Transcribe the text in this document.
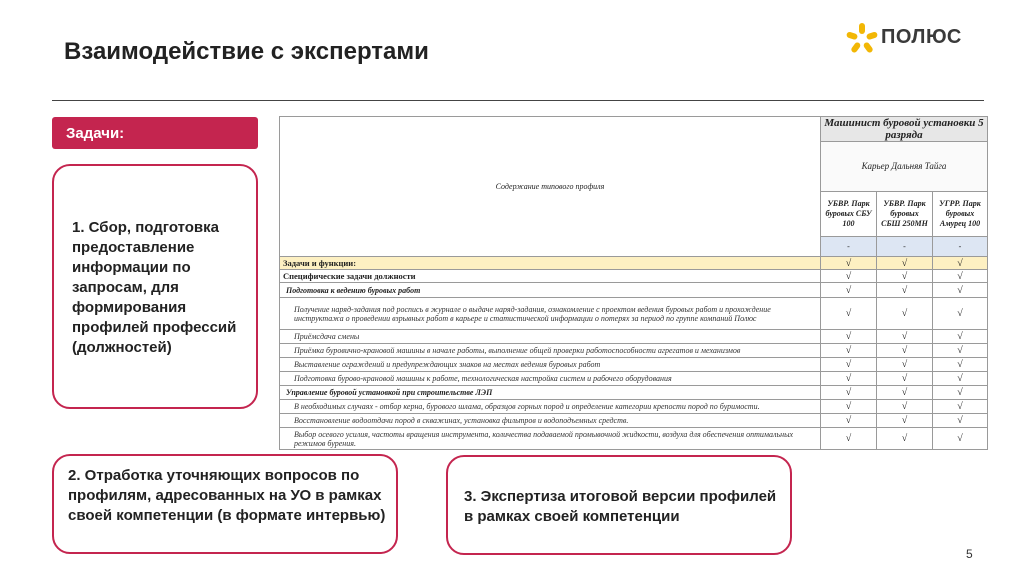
Взаимодействие с экспертами
ПОЛЮС
Задачи:
1. Сбор, подготовка предоставление информации по запросам, для формирования профилей профессий (должностей)
2. Отработка уточняющих вопросов по профилям, адресованных на УО в рамках своей компетенции (в формате интервью)
3. Экспертиза итоговой версии профилей в рамках своей компетенции
Содержание типового профиля	Машинист буровой установки 5 разряда		
	Карьер Дальняя Тайга		
	УБВР. Парк буровых СБУ 100	УБВР. Парк буровых СБШ 250МН	УГРР. Парк буровых Амурец 100
	-	-	-
Задачи и функции:	√	√	√
Специфические задачи должности	√	√	√
Подготовка к ведению буровых работ	√	√	√
Получение наряд-задания под роспись в журнале о выдаче наряд-задания, ознакомление с проектом ведения буровых работ и прохождение инструктажа о проведении взрывных работ в карьере и статистической информации о потерях за период по группе компаний Полюс	√	√	√
Приёмсдача смены	√	√	√
Приёмка буровично-крановой машины в начале работы, выполнение общей проверки работоспособности агрегатов и механизмов	√	√	√
Выставление ограждений и предупреждающих знаков на местах ведения буровых работ	√	√	√
Подготовка бурово-крановой машины к работе, технологическая настройка систем и рабочего оборудования	√	√	√
Управление буровой установкой при строительстве ЛЭП	√	√	√
В необходимых случаях - отбор керна, бурового шлама, образцов горных пород и определение категории крепости пород по буримости.	√	√	√
Восстановление водоотдачи пород в скважинах, установка фильтров и водоподъемных средств.	√	√	√
Выбор осевого усилия, частоты вращения инструмента, количества подаваемой промывочной жидкости, воздуха для обеспечения оптимальных режимов бурения.	√	√	√
5
